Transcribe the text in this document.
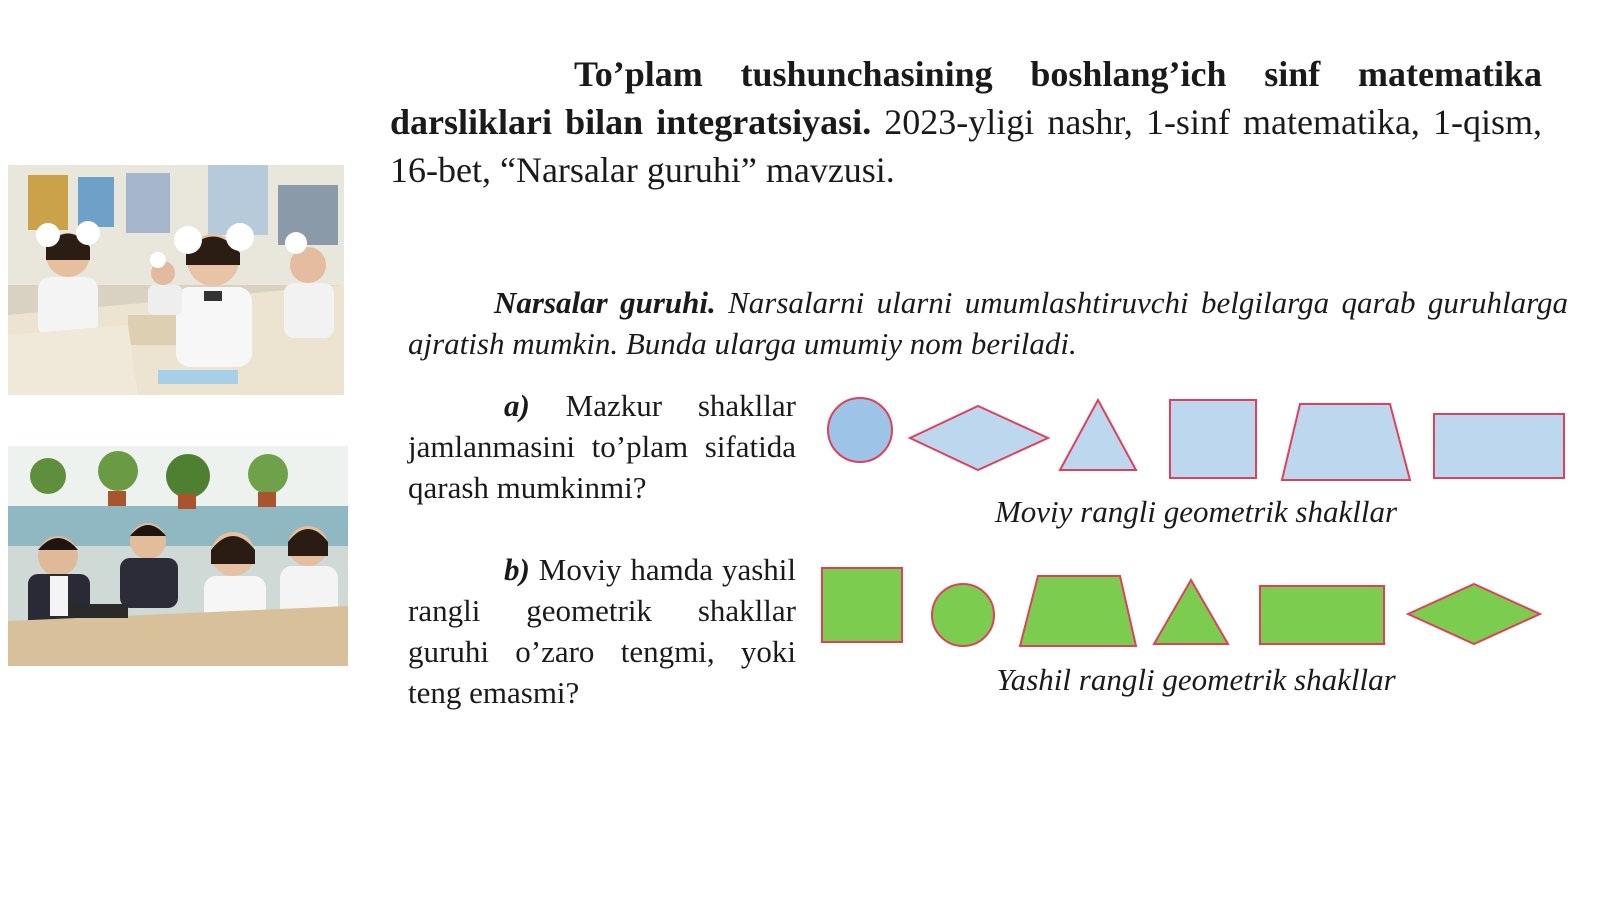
To’plam tushunchasining boshlang’ich sinf matematika darsliklari bilan integratsiyasi. 2023-yligi nashr, 1-sinf matematika, 1-qism, 16-bet, “Narsalar guruhi” mavzusi.

Narsalar guruhi. Narsalarni ularni umumlashtiruvchi belgilarga qarab guruhlarga ajratish mumkin. Bunda ularga umumiy nom beriladi.

a) Mazkur shakllar jamlanmasini to’plam sifatida qarash mumkinmi?

b) Moviy hamda yashil rangli geometrik shakllar guruhi o’zaro tengmi, yoki teng emasmi?

Moviy rangli geometrik shakllar
Yashil rangli geometrik shakllar
